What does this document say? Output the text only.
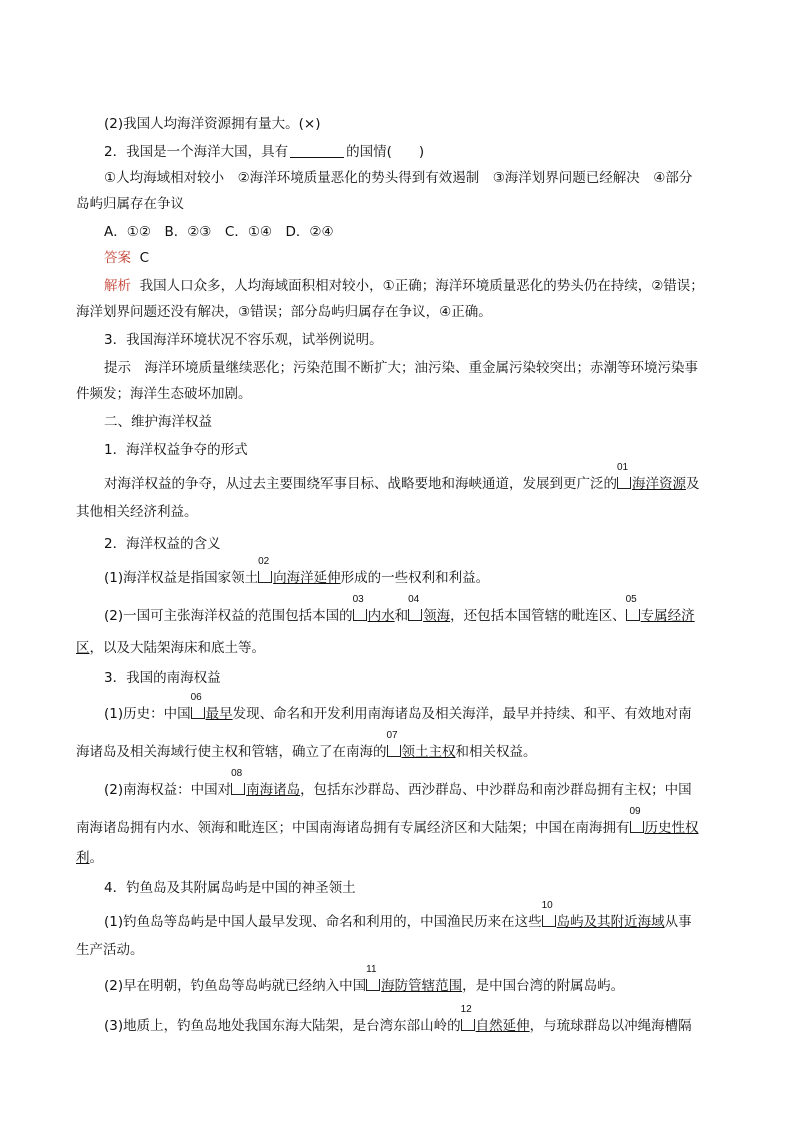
(2)我国人均海洋资源拥有量大。(×)
2．我国是一个海洋大国，具有	的国情(　　)
①人均海域相对较小　②海洋环境质量恶化的势头得到有效遏制　③海洋划界问题已经解决　④部分
岛屿归属存在争议
A．①②　B．②③　C．①④　D．②④
答案 C
解析 我国人口众多，人均海域面积相对较小，①正确；海洋环境质量恶化的势头仍在持续，②错误；
海洋划界问题还没有解决，③错误；部分岛屿归属存在争议，④正确。
3．我国海洋环境状况不容乐观，试举例说明。
提示　海洋环境质量继续恶化；污染范围不断扩大；油污染、重金属污染较突出；赤潮等环境污染事
件频发；海洋生态破坏加剧。
二、维护海洋权益
1．海洋权益争夺的形式
对海洋权益的争夺，从过去主要围绕军事目标、战略要地和海峡通道，发展到更广泛的
01
海洋资源及
其他相关经济利益。
2．海洋权益的含义
(1)海洋权益是指国家领土
02
向海洋延伸形成的一些权利和利益。
(2)一国可主张海洋权益的范围包括本国的
03
内水和
04
领海，还包括本国管辖的毗连区、
05
专属经济
区，以及大陆架海床和底土等。
3．我国的南海权益
(1)历史：中国
06
最早发现、命名和开发利用南海诸岛及相关海洋，最早并持续、和平、有效地对南
海诸岛及相关海域行使主权和管辖，确立了在南海的
07
领土主权和相关权益。
(2)南海权益：中国对
08
南海诸岛，包括东沙群岛、西沙群岛、中沙群岛和南沙群岛拥有主权；中国
南海诸岛拥有内水、领海和毗连区；中国南海诸岛拥有专属经济区和大陆架；中国在南海拥有
09
历史性权
利。
4．钓鱼岛及其附属岛屿是中国的神圣领土
(1)钓鱼岛等岛屿是中国人最早发现、命名和利用的，中国渔民历来在这些
10
岛屿及其附近海域从事
生产活动。
(2)早在明朝，钓鱼岛等岛屿就已经纳入中国
11
海防管辖范围，是中国台湾的附属岛屿。
(3)地质上，钓鱼岛地处我国东海大陆架，是台湾东部山岭的
12
自然延伸，与琉球群岛以冲绳海槽隔
